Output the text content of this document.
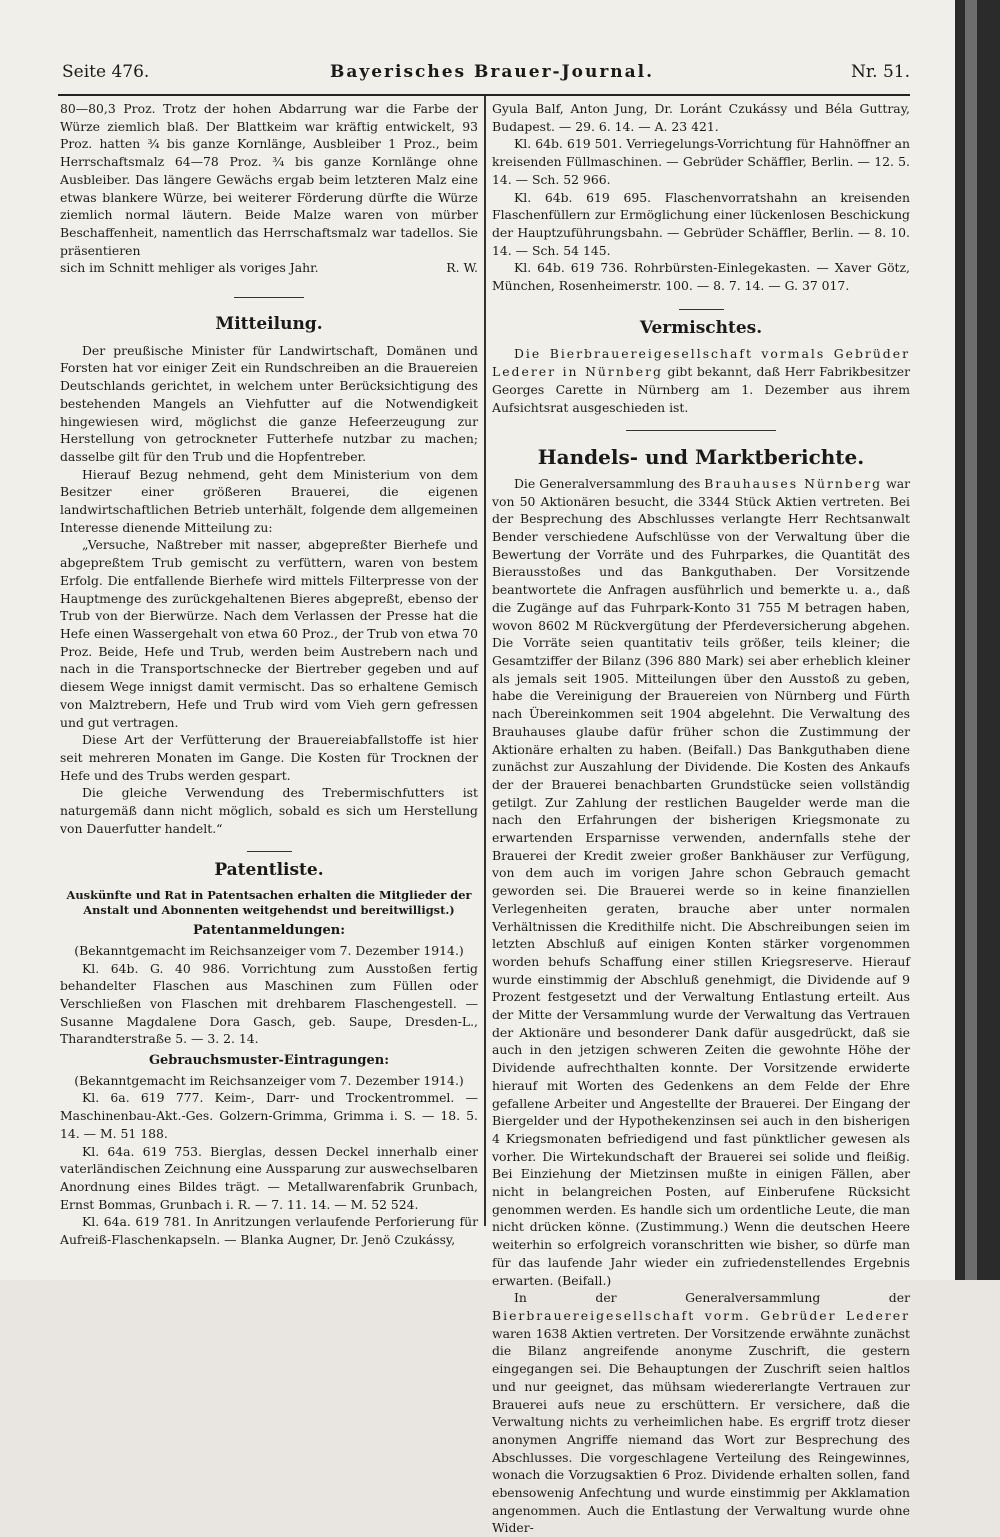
Seite 476.	Bayerisches Brauer-Journal.	Nr. 51.

80—80,3 Proz. Trotz der hohen Abdarrung war die Farbe der Würze ziemlich blaß. Der Blattkeim war kräftig entwickelt, 93 Proz. hatten ¾ bis ganze Kornlänge, Ausbleiber 1 Proz., beim Herrschaftsmalz 64—78 Proz. ¾ bis ganze Kornlänge ohne Ausbleiber. Das längere Gewächs ergab beim letzteren Malz eine etwas blankere Würze, bei weiterer Förderung dürfte die Würze ziemlich normal läutern. Beide Malze waren von mürber Beschaffenheit, namentlich das Herrschaftsmalz war tadellos. Sie präsentieren

sich im Schnitt mehliger als voriges Jahr.	R. W.
Mitteilung.

Der preußische Minister für Landwirtschaft, Domänen und Forsten hat vor einiger Zeit ein Rundschreiben an die Brauereien Deutschlands gerichtet, in welchem unter Berücksichtigung des bestehenden Mangels an Viehfutter auf die Notwendigkeit hingewiesen wird, möglichst die ganze Hefeerzeugung zur Herstellung von getrockneter Futterhefe nutzbar zu machen; dasselbe gilt für den Trub und die Hopfentreber.

Hierauf Bezug nehmend, geht dem Ministerium von dem Besitzer einer größeren Brauerei, die eigenen landwirtschaftlichen Betrieb unterhält, folgende dem allgemeinen Interesse dienende Mitteilung zu:

„Versuche, Naßtreber mit nasser, abgepreßter Bierhefe und abgepreßtem Trub gemischt zu verfüttern, waren von bestem Erfolg. Die entfallende Bierhefe wird mittels Filterpresse von der Hauptmenge des zurückgehaltenen Bieres abgepreßt, ebenso der Trub von der Bierwürze. Nach dem Verlassen der Presse hat die Hefe einen Wassergehalt von etwa 60 Proz., der Trub von etwa 70 Proz. Beide, Hefe und Trub, werden beim Austrebern nach und nach in die Transportschnecke der Biertreber gegeben und auf diesem Wege innigst damit vermischt. Das so erhaltene Gemisch von Malztrebern, Hefe und Trub wird vom Vieh gern gefressen und gut vertragen.

Diese Art der Verfütterung der Brauereiabfallstoffe ist hier seit mehreren Monaten im Gange. Die Kosten für Trocknen der Hefe und des Trubs werden gespart.

Die gleiche Verwendung des Trebermischfutters ist naturgemäß dann nicht möglich, sobald es sich um Herstellung von Dauerfutter handelt.“

Patentliste.
Auskünfte und Rat in Patentsachen erhalten die Mitglieder der Anstalt und Abonnenten weitgehendst und bereitwilligst.)
Patentanmeldungen:
(Bekanntgemacht im Reichsanzeiger vom 7. Dezember 1914.)

Kl. 64b. G. 40 986. Vorrichtung zum Ausstoßen fertig behandelter Flaschen aus Maschinen zum Füllen oder Verschließen von Flaschen mit drehbarem Flaschengestell. — Susanne Magdalene Dora Gasch, geb. Saupe, Dresden-L., Tharandterstraße 5. — 3. 2. 14.

Gebrauchsmuster-Eintragungen:
(Bekanntgemacht im Reichsanzeiger vom 7. Dezember 1914.)

Kl. 6a. 619 777. Keim-, Darr- und Trockentrommel. — Maschinenbau-Akt.-Ges. Golzern-Grimma, Grimma i. S. — 18. 5. 14. — M. 51 188.

Kl. 64a. 619 753. Bierglas, dessen Deckel innerhalb einer vaterländischen Zeichnung eine Aussparung zur auswechselbaren Anordnung eines Bildes trägt. — Metallwarenfabrik Grunbach, Ernst Bommas, Grunbach i. R. — 7. 11. 14. — M. 52 524.

Kl. 64a. 619 781. In Anritzungen verlaufende Perforierung für Aufreiß-Flaschenkapseln. — Blanka Augner, Dr. Jenö Czukássy,

Gyula Balf, Anton Jung, Dr. Loránt Czukássy und Béla Guttray, Budapest. — 29. 6. 14. — A. 23 421.

Kl. 64b. 619 501. Verriegelungs-Vorrichtung für Hahnöffner an kreisenden Füllmaschinen. — Gebrüder Schäffler, Berlin. — 12. 5. 14. — Sch. 52 966.

Kl. 64b. 619 695. Flaschenvorratshahn an kreisenden Flaschenfüllern zur Ermöglichung einer lückenlosen Beschickung der Hauptzuführungsbahn. — Gebrüder Schäffler, Berlin. — 8. 10. 14. — Sch. 54 145.

Kl. 64b. 619 736. Rohrbürsten-Einlegekasten. — Xaver Götz, München, Rosenheimerstr. 100. — 8. 7. 14. — G. 37 017.

Vermischtes.

Die Bierbrauereigesellschaft vormals Gebrüder Lederer in Nürnberg gibt bekannt, daß Herr Fabrikbesitzer Georges Carette in Nürnberg am 1. Dezember aus ihrem Aufsichtsrat ausgeschieden ist.

Handels- und Marktberichte.

Die Generalversammlung des Brauhauses Nürnberg war von 50 Aktionären besucht, die 3344 Stück Aktien vertreten. Bei der Besprechung des Abschlusses verlangte Herr Rechtsanwalt Bender verschiedene Aufschlüsse von der Verwaltung über die Bewertung der Vorräte und des Fuhrparkes, die Quantität des Bierausstoßes und das Bankguthaben. Der Vorsitzende beantwortete die Anfragen ausführlich und bemerkte u. a., daß die Zugänge auf das Fuhrpark-Konto 31 755 M betragen haben, wovon 8602 M Rückvergütung der Pferdeversicherung abgehen. Die Vorräte seien quantitativ teils größer, teils kleiner; die Gesamtziffer der Bilanz (396 880 Mark) sei aber erheblich kleiner als jemals seit 1905. Mitteilungen über den Ausstoß zu geben, habe die Vereinigung der Brauereien von Nürnberg und Fürth nach Übereinkommen seit 1904 abgelehnt. Die Verwaltung des Brauhauses glaube dafür früher schon die Zustimmung der Aktionäre erhalten zu haben. (Beifall.) Das Bankguthaben diene zunächst zur Auszahlung der Dividende. Die Kosten des Ankaufs der der Brauerei benachbarten Grundstücke seien vollständig getilgt. Zur Zahlung der restlichen Baugelder werde man die nach den Erfahrungen der bisherigen Kriegsmonate zu erwartenden Ersparnisse verwenden, andernfalls stehe der Brauerei der Kredit zweier großer Bankhäuser zur Verfügung, von dem auch im vorigen Jahre schon Gebrauch gemacht geworden sei. Die Brauerei werde so in keine finanziellen Verlegenheiten geraten, brauche aber unter normalen Verhältnissen die Kredithilfe nicht. Die Abschreibungen seien im letzten Abschluß auf einigen Konten stärker vorgenommen worden behufs Schaffung einer stillen Kriegsreserve. Hierauf wurde einstimmig der Abschluß genehmigt, die Dividende auf 9 Prozent festgesetzt und der Verwaltung Entlastung erteilt. Aus der Mitte der Versammlung wurde der Verwaltung das Vertrauen der Aktionäre und besonderer Dank dafür ausgedrückt, daß sie auch in den jetzigen schweren Zeiten die gewohnte Höhe der Dividende aufrechthalten konnte. Der Vorsitzende erwiderte hierauf mit Worten des Gedenkens an dem Felde der Ehre gefallene Arbeiter und Angestellte der Brauerei. Der Eingang der Biergelder und der Hypothekenzinsen sei auch in den bisherigen 4 Kriegsmonaten befriedigend und fast pünktlicher gewesen als vorher. Die Wirtekundschaft der Brauerei sei solide und fleißig. Bei Einziehung der Mietzinsen mußte in einigen Fällen, aber nicht in belangreichen Posten, auf Einberufene Rücksicht genommen werden. Es handle sich um ordentliche Leute, die man nicht drücken könne. (Zustimmung.) Wenn die deutschen Heere weiterhin so erfolgreich voranschritten wie bisher, so dürfe man für das laufende Jahr wieder ein zufriedenstellendes Ergebnis erwarten. (Beifall.)

In der Generalversammlung der Bierbrauereigesellschaft vorm. Gebrüder Lederer waren 1638 Aktien vertreten. Der Vorsitzende erwähnte zunächst die Bilanz angreifende anonyme Zuschrift, die gestern eingegangen sei. Die Behauptungen der Zuschrift seien haltlos und nur geeignet, das mühsam wiedererlangte Vertrauen zur Brauerei aufs neue zu erschüttern. Er versichere, daß die Verwaltung nichts zu verheimlichen habe. Es ergriff trotz dieser anonymen Angriffe niemand das Wort zur Besprechung des Abschlusses. Die vorgeschlagene Verteilung des Reingewinnes, wonach die Vorzugsaktien 6 Proz. Dividende erhalten sollen, fand ebensowenig Anfechtung und wurde einstimmig per Akklamation angenommen. Auch die Entlastung der Verwaltung wurde ohne Wider-
